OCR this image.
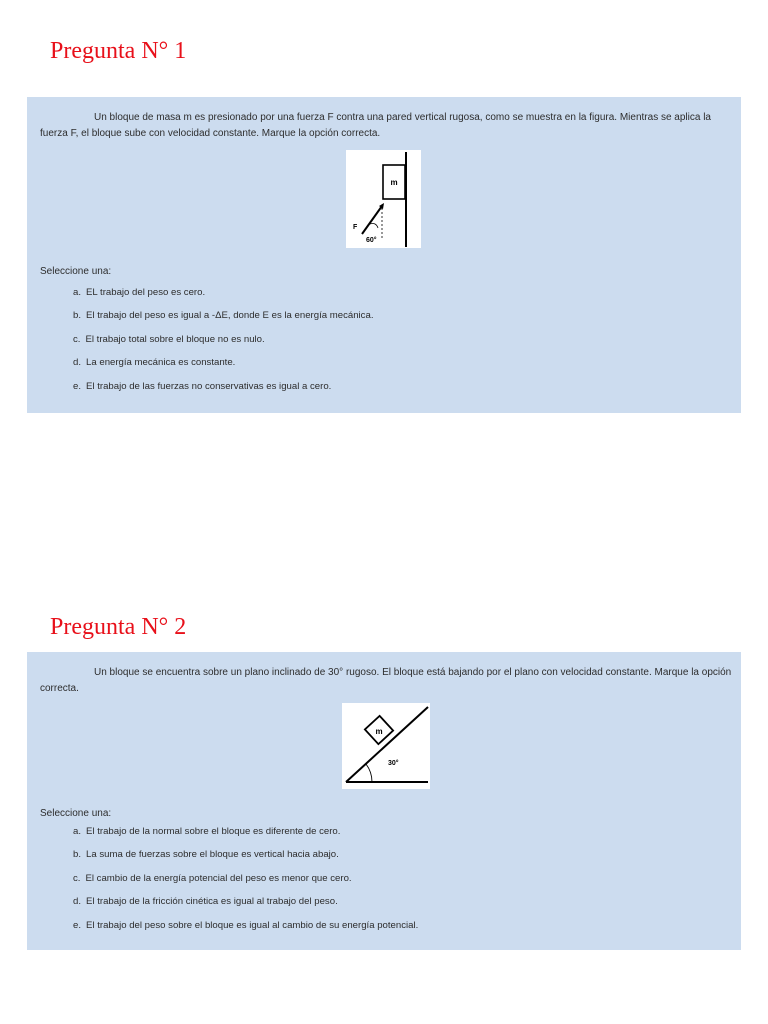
Pregunta N° 1
Un bloque de masa m es presionado por una fuerza F contra una pared vertical rugosa, como se muestra en la figura. Mientras se aplica la fuerza F, el bloque sube con velocidad constante. Marque la opción correcta.
m
F
60°
Seleccione una:
a. EL trabajo del peso es cero.
b. El trabajo del peso es igual a -ΔE, donde E es la energía mecánica.
c. El trabajo total sobre el bloque no es nulo.
d. La energía mecánica es constante.
e. El trabajo de las fuerzas no conservativas es igual a cero.
Pregunta N° 2
Un bloque se encuentra sobre un plano inclinado de 30° rugoso. El bloque está bajando por el plano con velocidad constante. Marque la opción correcta.
m
30°
Seleccione una:
a. El trabajo de la normal sobre el bloque es diferente de cero.
b. La suma de fuerzas sobre el bloque es vertical hacia abajo.
c. El cambio de la energía potencial del peso es menor que cero.
d. El trabajo de la fricción cinética es igual al trabajo del peso.
e. El trabajo del peso sobre el bloque es igual al cambio de su energía potencial.
